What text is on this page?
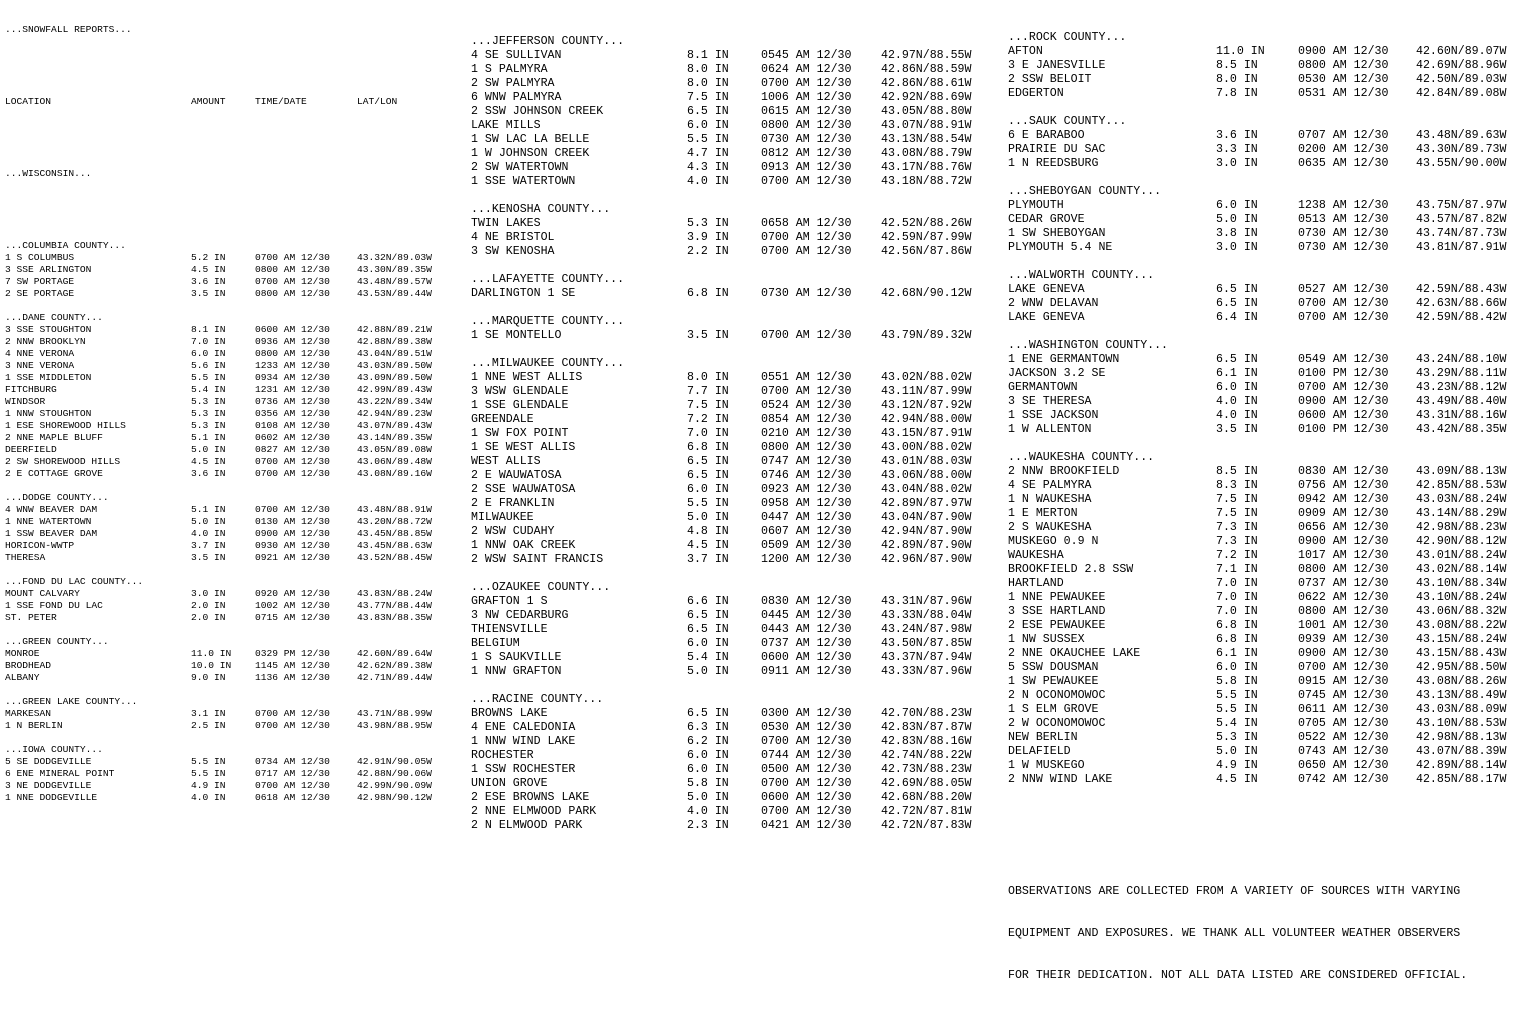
...SNOWFALL REPORTS...

LOCATION	AMOUNT	TIME/DATE	LAT/LON

...WISCONSIN...

...COLUMBIA COUNTY...
1 S COLUMBUS	5.2 IN	0700 AM 12/30	43.32N/89.03W
3 SSE ARLINGTON	4.5 IN	0800 AM 12/30	43.30N/89.35W
7 SW PORTAGE	3.6 IN	0700 AM 12/30	43.48N/89.57W
2 SE PORTAGE	3.5 IN	0800 AM 12/30	43.53N/89.44W
...DANE COUNTY...
3 SSE STOUGHTON	8.1 IN	0600 AM 12/30	42.88N/89.21W
2 NNW BROOKLYN	7.0 IN	0936 AM 12/30	42.88N/89.38W
4 NNE VERONA	6.0 IN	0800 AM 12/30	43.04N/89.51W
3 NNE VERONA	5.6 IN	1233 AM 12/30	43.03N/89.50W
1 SSE MIDDLETON	5.5 IN	0934 AM 12/30	43.09N/89.50W
FITCHBURG	5.4 IN	1231 AM 12/30	42.99N/89.43W
WINDSOR	5.3 IN	0736 AM 12/30	43.22N/89.34W
1 NNW STOUGHTON	5.3 IN	0356 AM 12/30	42.94N/89.23W
1 ESE SHOREWOOD HILLS	5.3 IN	0108 AM 12/30	43.07N/89.43W
2 NNE MAPLE BLUFF	5.1 IN	0602 AM 12/30	43.14N/89.35W
DEERFIELD	5.0 IN	0827 AM 12/30	43.05N/89.08W
2 SW SHOREWOOD HILLS	4.5 IN	0700 AM 12/30	43.06N/89.48W
2 E COTTAGE GROVE	3.6 IN	0700 AM 12/30	43.08N/89.16W
...DODGE COUNTY...
4 WNW BEAVER DAM	5.1 IN	0700 AM 12/30	43.48N/88.91W
1 NNE WATERTOWN	5.0 IN	0130 AM 12/30	43.20N/88.72W
1 SSW BEAVER DAM	4.0 IN	0900 AM 12/30	43.45N/88.85W
HORICON-WWTP	3.7 IN	0930 AM 12/30	43.45N/88.63W
THERESA	3.5 IN	0921 AM 12/30	43.52N/88.45W
...FOND DU LAC COUNTY...
MOUNT CALVARY	3.0 IN	0920 AM 12/30	43.83N/88.24W
1 SSE FOND DU LAC	2.0 IN	1002 AM 12/30	43.77N/88.44W
ST. PETER	2.0 IN	0715 AM 12/30	43.83N/88.35W
...GREEN COUNTY...
MONROE	11.0 IN	0329 PM 12/30	42.60N/89.64W
BRODHEAD	10.0 IN	1145 AM 12/30	42.62N/89.38W
ALBANY	9.0 IN	1136 AM 12/30	42.71N/89.44W
...GREEN LAKE COUNTY...
MARKESAN	3.1 IN	0700 AM 12/30	43.71N/88.99W
1 N BERLIN	2.5 IN	0700 AM 12/30	43.98N/88.95W
...IOWA COUNTY...
5 SE DODGEVILLE	5.5 IN	0734 AM 12/30	42.91N/90.05W
6 ENE MINERAL POINT	5.5 IN	0717 AM 12/30	42.88N/90.06W
3 NE DODGEVILLE	4.9 IN	0700 AM 12/30	42.99N/90.09W
1 NNE DODGEVILLE	4.0 IN	0618 AM 12/30	42.98N/90.12W

...JEFFERSON COUNTY...
4 SE SULLIVAN	8.1 IN	0545 AM 12/30	42.97N/88.55W
1 S PALMYRA	8.0 IN	0624 AM 12/30	42.86N/88.59W
2 SW PALMYRA	8.0 IN	0700 AM 12/30	42.86N/88.61W
6 WNW PALMYRA	7.5 IN	1006 AM 12/30	42.92N/88.69W
2 SSW JOHNSON CREEK	6.5 IN	0615 AM 12/30	43.05N/88.80W
LAKE MILLS	6.0 IN	0800 AM 12/30	43.07N/88.91W
1 SW LAC LA BELLE	5.5 IN	0730 AM 12/30	43.13N/88.54W
1 W JOHNSON CREEK	4.7 IN	0812 AM 12/30	43.08N/88.79W
2 SW WATERTOWN	4.3 IN	0913 AM 12/30	43.17N/88.76W
1 SSE WATERTOWN	4.0 IN	0700 AM 12/30	43.18N/88.72W
...KENOSHA COUNTY...
TWIN LAKES	5.3 IN	0658 AM 12/30	42.52N/88.26W
4 NE BRISTOL	3.9 IN	0700 AM 12/30	42.59N/87.99W
3 SW KENOSHA	2.2 IN	0700 AM 12/30	42.56N/87.86W
...LAFAYETTE COUNTY...
DARLINGTON 1 SE	6.8 IN	0730 AM 12/30	42.68N/90.12W
...MARQUETTE COUNTY...
1 SE MONTELLO	3.5 IN	0700 AM 12/30	43.79N/89.32W
...MILWAUKEE COUNTY...
1 NNE WEST ALLIS	8.0 IN	0551 AM 12/30	43.02N/88.02W
3 WSW GLENDALE	7.7 IN	0700 AM 12/30	43.11N/87.99W
1 SSE GLENDALE	7.5 IN	0524 AM 12/30	43.12N/87.92W
GREENDALE	7.2 IN	0854 AM 12/30	42.94N/88.00W
1 SW FOX POINT	7.0 IN	0210 AM 12/30	43.15N/87.91W
1 SE WEST ALLIS	6.8 IN	0800 AM 12/30	43.00N/88.02W
WEST ALLIS	6.5 IN	0747 AM 12/30	43.01N/88.03W
2 E WAUWATOSA	6.5 IN	0746 AM 12/30	43.06N/88.00W
2 SSE WAUWATOSA	6.0 IN	0923 AM 12/30	43.04N/88.02W
2 E FRANKLIN	5.5 IN	0958 AM 12/30	42.89N/87.97W
MILWAUKEE	5.0 IN	0447 AM 12/30	43.04N/87.90W
2 WSW CUDAHY	4.8 IN	0607 AM 12/30	42.94N/87.90W
1 NNW OAK CREEK	4.5 IN	0509 AM 12/30	42.89N/87.90W
2 WSW SAINT FRANCIS	3.7 IN	1200 AM 12/30	42.96N/87.90W
...OZAUKEE COUNTY...
GRAFTON 1 S	6.6 IN	0830 AM 12/30	43.31N/87.96W
3 NW CEDARBURG	6.5 IN	0445 AM 12/30	43.33N/88.04W
THIENSVILLE	6.5 IN	0443 AM 12/30	43.24N/87.98W
BELGIUM	6.0 IN	0737 AM 12/30	43.50N/87.85W
1 S SAUKVILLE	5.4 IN	0600 AM 12/30	43.37N/87.94W
1 NNW GRAFTON	5.0 IN	0911 AM 12/30	43.33N/87.96W
...RACINE COUNTY...
BROWNS LAKE	6.5 IN	0300 AM 12/30	42.70N/88.23W
4 ENE CALEDONIA	6.3 IN	0530 AM 12/30	42.83N/87.87W
1 NNW WIND LAKE	6.2 IN	0700 AM 12/30	42.83N/88.16W
ROCHESTER	6.0 IN	0744 AM 12/30	42.74N/88.22W
1 SSW ROCHESTER	6.0 IN	0500 AM 12/30	42.73N/88.23W
UNION GROVE	5.8 IN	0700 AM 12/30	42.69N/88.05W
2 ESE BROWNS LAKE	5.0 IN	0600 AM 12/30	42.68N/88.20W
2 NNE ELMWOOD PARK	4.0 IN	0700 AM 12/30	42.72N/87.81W
2 N ELMWOOD PARK	2.3 IN	0421 AM 12/30	42.72N/87.83W

...ROCK COUNTY...
AFTON	11.0 IN	0900 AM 12/30	42.60N/89.07W
3 E JANESVILLE	8.5 IN	0800 AM 12/30	42.69N/88.96W
2 SSW BELOIT	8.0 IN	0530 AM 12/30	42.50N/89.03W
EDGERTON	7.8 IN	0531 AM 12/30	42.84N/89.08W
...SAUK COUNTY...
6 E BARABOO	3.6 IN	0707 AM 12/30	43.48N/89.63W
PRAIRIE DU SAC	3.3 IN	0200 AM 12/30	43.30N/89.73W
1 N REEDSBURG	3.0 IN	0635 AM 12/30	43.55N/90.00W
...SHEBOYGAN COUNTY...
PLYMOUTH	6.0 IN	1238 AM 12/30	43.75N/87.97W
CEDAR GROVE	5.0 IN	0513 AM 12/30	43.57N/87.82W
1 SW SHEBOYGAN	3.8 IN	0730 AM 12/30	43.74N/87.73W
PLYMOUTH 5.4 NE	3.0 IN	0730 AM 12/30	43.81N/87.91W
...WALWORTH COUNTY...
LAKE GENEVA	6.5 IN	0527 AM 12/30	42.59N/88.43W
2 WNW DELAVAN	6.5 IN	0700 AM 12/30	42.63N/88.66W
LAKE GENEVA	6.4 IN	0700 AM 12/30	42.59N/88.42W
...WASHINGTON COUNTY...
1 ENE GERMANTOWN	6.5 IN	0549 AM 12/30	43.24N/88.10W
JACKSON 3.2 SE	6.1 IN	0100 PM 12/30	43.29N/88.11W
GERMANTOWN	6.0 IN	0700 AM 12/30	43.23N/88.12W
3 SE THERESA	4.0 IN	0900 AM 12/30	43.49N/88.40W
1 SSE JACKSON	4.0 IN	0600 AM 12/30	43.31N/88.16W
1 W ALLENTON	3.5 IN	0100 PM 12/30	43.42N/88.35W
...WAUKESHA COUNTY...
2 NNW BROOKFIELD	8.5 IN	0830 AM 12/30	43.09N/88.13W
4 SE PALMYRA	8.3 IN	0756 AM 12/30	42.85N/88.53W
1 N WAUKESHA	7.5 IN	0942 AM 12/30	43.03N/88.24W
1 E MERTON	7.5 IN	0909 AM 12/30	43.14N/88.29W
2 S WAUKESHA	7.3 IN	0656 AM 12/30	42.98N/88.23W
MUSKEGO 0.9 N	7.3 IN	0900 AM 12/30	42.90N/88.12W
WAUKESHA	7.2 IN	1017 AM 12/30	43.01N/88.24W
BROOKFIELD 2.8 SSW	7.1 IN	0800 AM 12/30	43.02N/88.14W
HARTLAND	7.0 IN	0737 AM 12/30	43.10N/88.34W
1 NNE PEWAUKEE	7.0 IN	0622 AM 12/30	43.10N/88.24W
3 SSE HARTLAND	7.0 IN	0800 AM 12/30	43.06N/88.32W
2 ESE PEWAUKEE	6.8 IN	1001 AM 12/30	43.08N/88.22W
1 NW SUSSEX	6.8 IN	0939 AM 12/30	43.15N/88.24W
2 NNE OKAUCHEE LAKE	6.1 IN	0900 AM 12/30	43.15N/88.43W
5 SSW DOUSMAN	6.0 IN	0700 AM 12/30	42.95N/88.50W
1 SW PEWAUKEE	5.8 IN	0915 AM 12/30	43.08N/88.26W
2 N OCONOMOWOC	5.5 IN	0745 AM 12/30	43.13N/88.49W
1 S ELM GROVE	5.5 IN	0611 AM 12/30	43.03N/88.09W
2 W OCONOMOWOC	5.4 IN	0705 AM 12/30	43.10N/88.53W
NEW BERLIN	5.3 IN	0522 AM 12/30	42.98N/88.13W
DELAFIELD	5.0 IN	0743 AM 12/30	43.07N/88.39W
1 W MUSKEGO	4.9 IN	0650 AM 12/30	42.89N/88.14W
2 NNW WIND LAKE	4.5 IN	0742 AM 12/30	42.85N/88.17W

OBSERVATIONS ARE COLLECTED FROM A VARIETY OF SOURCES WITH VARYING

EQUIPMENT AND EXPOSURES. WE THANK ALL VOLUNTEER WEATHER OBSERVERS

FOR THEIR DEDICATION. NOT ALL DATA LISTED ARE CONSIDERED OFFICIAL.
